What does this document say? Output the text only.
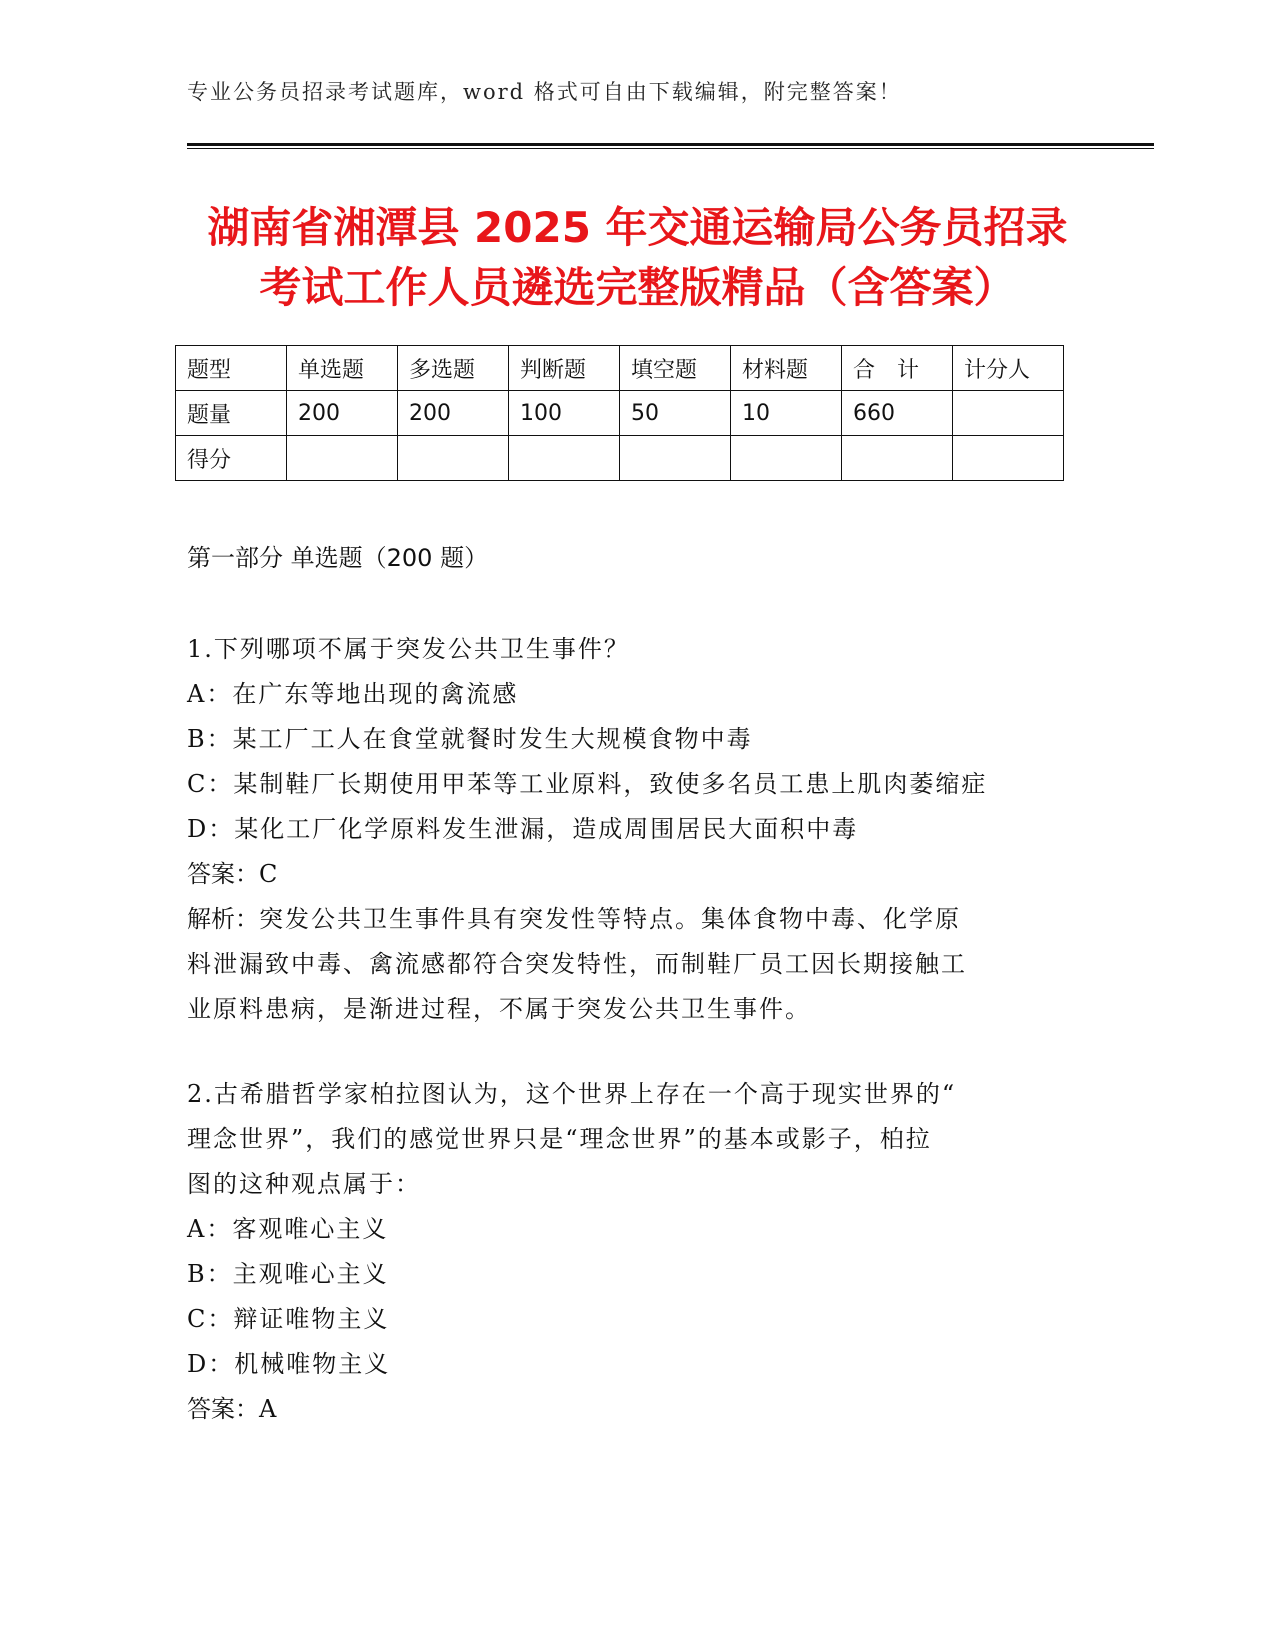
专业公务员招录考试题库，word 格式可自由下载编辑，附完整答案！
湖南省湘潭县 2025 年交通运输局公务员招录
考试工作人员遴选完整版精品（含答案）
题型	单选题	多选题	判断题	填空题	材料题	合　计	计分人
题量	200	200	100	50	10	660	
得分							
第一部分 单选题（200 题）
1.下列哪项不属于突发公共卫生事件？
A：在广东等地出现的禽流感
B：某工厂工人在食堂就餐时发生大规模食物中毒
C：某制鞋厂长期使用甲苯等工业原料，致使多名员工患上肌肉萎缩症
D：某化工厂化学原料发生泄漏，造成周围居民大面积中毒
答案：C
解析：突发公共卫生事件具有突发性等特点。集体食物中毒、化学原
料泄漏致中毒、禽流感都符合突发特性，而制鞋厂员工因长期接触工
业原料患病，是渐进过程，不属于突发公共卫生事件。
2.古希腊哲学家柏拉图认为，这个世界上存在一个高于现实世界的“
理念世界”，我们的感觉世界只是“理念世界”的基本或影子，柏拉
图的这种观点属于：
A：客观唯心主义
B：主观唯心主义
C：辩证唯物主义
D：机械唯物主义
答案：A
